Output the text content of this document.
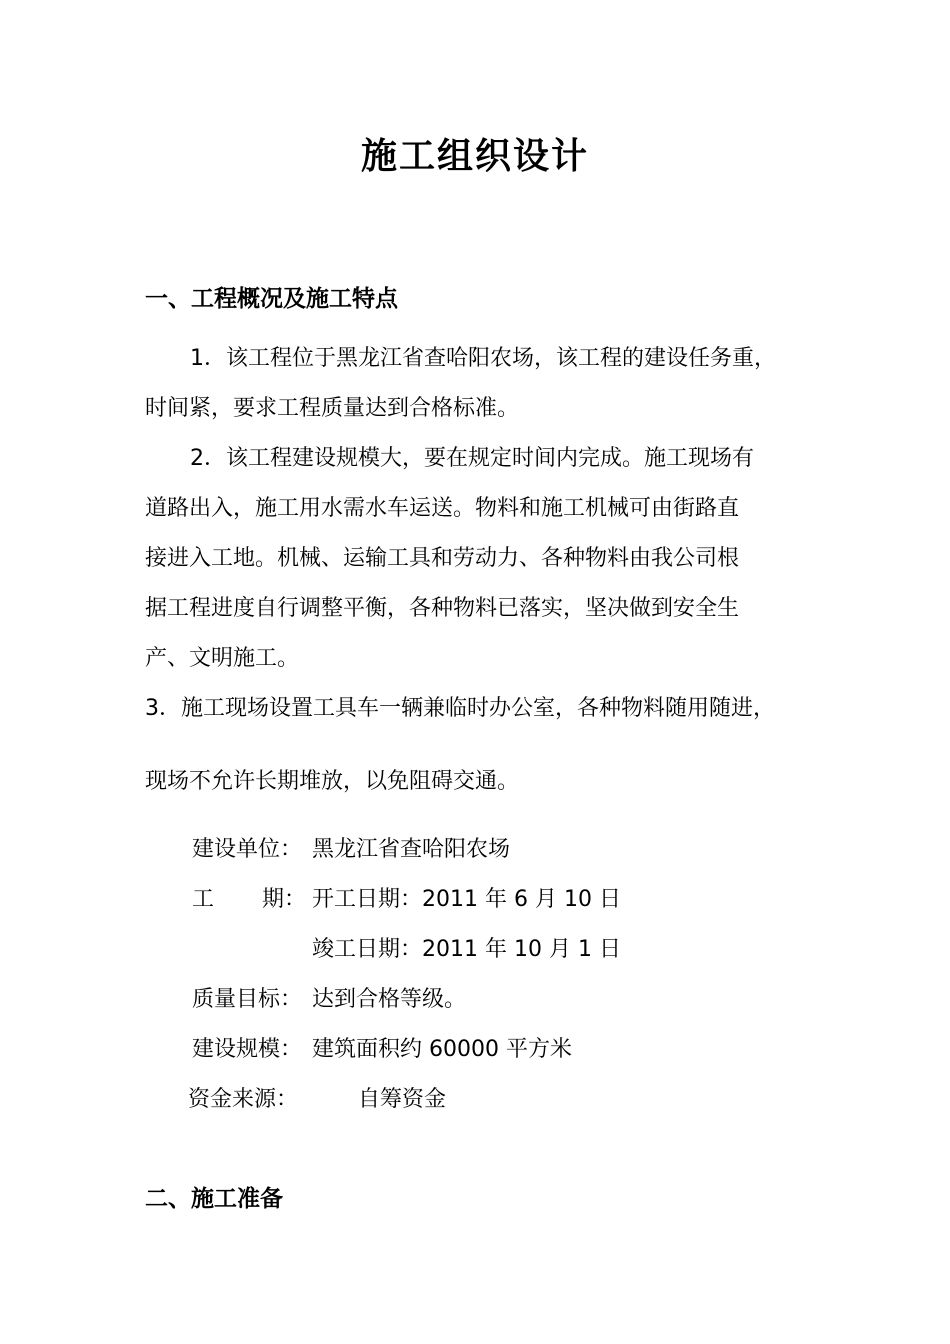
施工组织设计
一、工程概况及施工特点
1．该工程位于黑龙江省查哈阳农场，该工程的建设任务重，
时间紧，要求工程质量达到合格标准。
2．该工程建设规模大，要在规定时间内完成。施工现场有
道路出入，施工用水需水车运送。物料和施工机械可由街路直
接进入工地。机械、运输工具和劳动力、各种物料由我公司根
据工程进度自行调整平衡，各种物料已落实，坚决做到安全生
产、文明施工。
3．施工现场设置工具车一辆兼临时办公室，各种物料随用随进，
现场不允许长期堆放，以免阻碍交通。
建设单位： 黑龙江省查哈阳农场
工 期： 开工日期：2011 年 6 月 10 日
竣工日期：2011 年 10 月 1 日
质量目标： 达到合格等级。
建设规模： 建筑面积约 60000 平方米
资金来源：	自筹资金
二、施工准备
